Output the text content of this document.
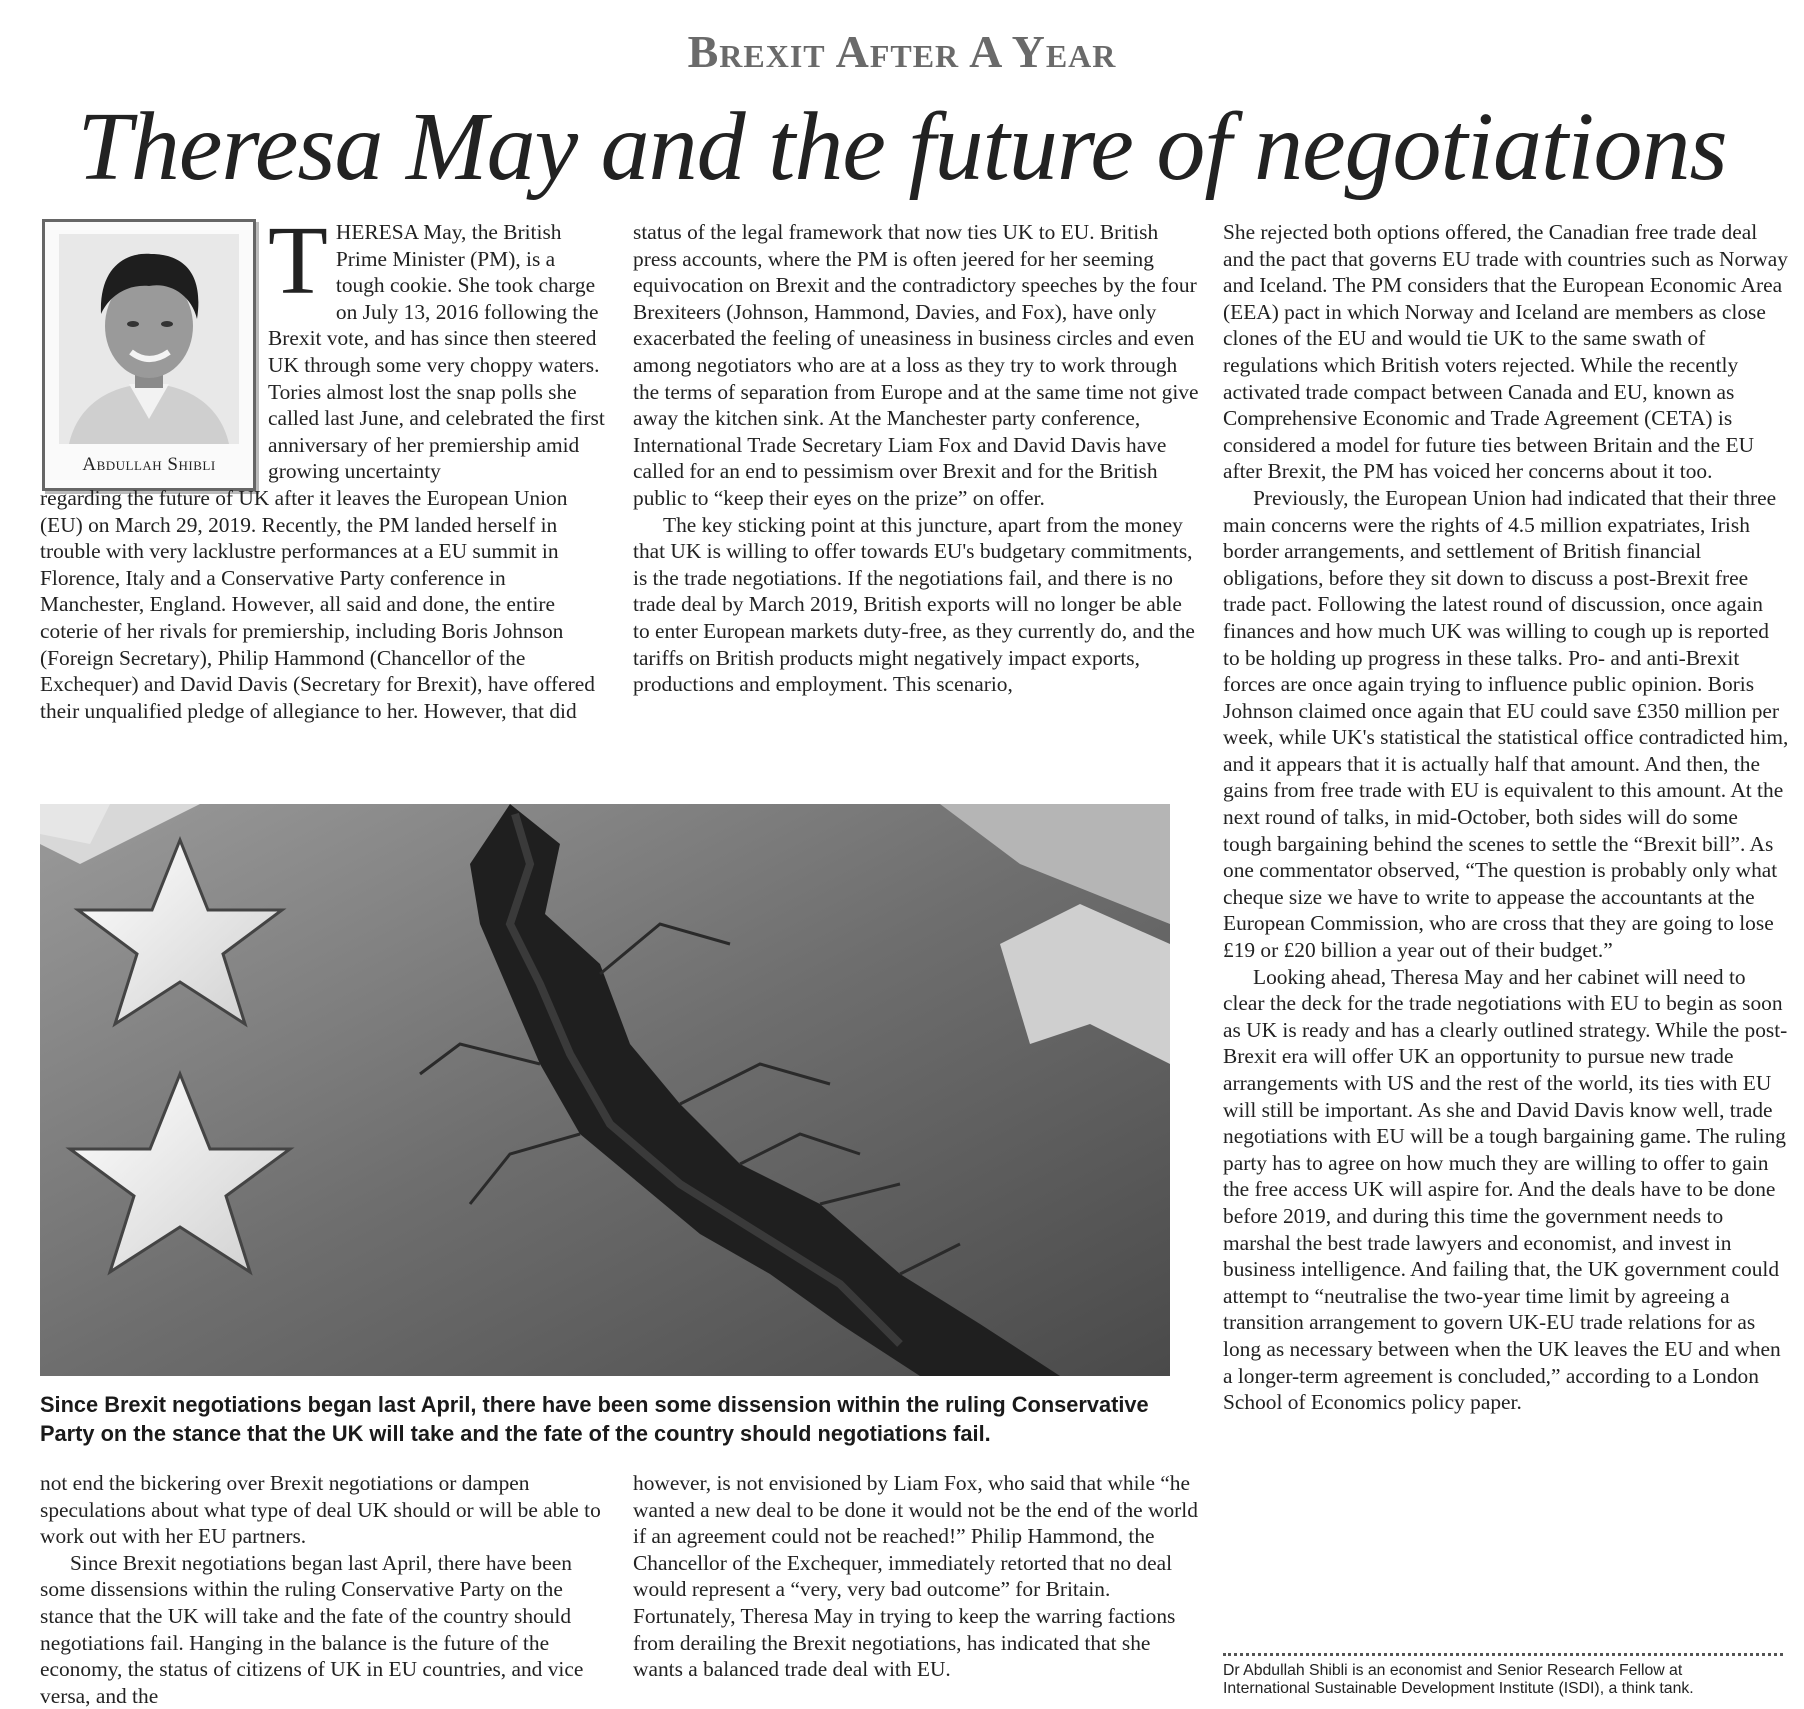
Brexit After A Year
Theresa May and the future of negotiations
Abdullah Shibli
THERESA May, the British Prime Minister (PM), is a tough cookie. She took charge on July 13, 2016 following the Brexit vote, and has since then steered UK through some very choppy waters. Tories almost lost the snap polls she called last June, and celebrated the first anniversary of her premiership amid growing uncertainty

regarding the future of UK after it leaves the European Union (EU) on March 29, 2019. Recently, the PM landed herself in trouble with very lacklustre performances at a EU summit in Florence, Italy and a Conservative Party conference in Manchester, England. However, all said and done, the entire coterie of her rivals for premiership, including Boris Johnson (Foreign Secretary), Philip Hammond (Chancellor of the Exchequer) and David Davis (Secretary for Brexit), have offered their unqualified pledge of allegiance to her. However, that did

status of the legal framework that now ties UK to EU. British press accounts, where the PM is often jeered for her seeming equivocation on Brexit and the contradictory speeches by the four Brexiteers (Johnson, Hammond, Davies, and Fox), have only exacerbated the feeling of uneasiness in business circles and even among negotiators who are at a loss as they try to work through the terms of separation from Europe and at the same time not give away the kitchen sink. At the Manchester party conference, International Trade Secretary Liam Fox and David Davis have called for an end to pessimism over Brexit and for the British public to “keep their eyes on the prize” on offer.

The key sticking point at this juncture, apart from the money that UK is willing to offer towards EU's budgetary commitments, is the trade negotiations. If the negotiations fail, and there is no trade deal by March 2019, British exports will no longer be able to enter European markets duty-free, as they currently do, and the tariffs on British products might negatively impact exports, productions and employment. This scenario,

Since Brexit negotiations began last April, there have been some dissension within the ruling Conservative Party on the stance that the UK will take and the fate of the country should negotiations fail.

not end the bickering over Brexit negotiations or dampen speculations about what type of deal UK should or will be able to work out with her EU partners.

Since Brexit negotiations began last April, there have been some dissensions within the ruling Conservative Party on the stance that the UK will take and the fate of the country should negotiations fail. Hanging in the balance is the future of the economy, the status of citizens of UK in EU countries, and vice versa, and the

however, is not envisioned by Liam Fox, who said that while “he wanted a new deal to be done it would not be the end of the world if an agreement could not be reached!” Philip Hammond, the Chancellor of the Exchequer, immediately retorted that no deal would represent a “very, very bad outcome” for Britain. Fortunately, Theresa May in trying to keep the warring factions from derailing the Brexit negotiations, has indicated that she wants a balanced trade deal with EU.

She rejected both options offered, the Canadian free trade deal and the pact that governs EU trade with countries such as Norway and Iceland. The PM considers that the European Economic Area (EEA) pact in which Norway and Iceland are members as close clones of the EU and would tie UK to the same swath of regulations which British voters rejected. While the recently activated trade compact between Canada and EU, known as Comprehensive Economic and Trade Agreement (CETA) is considered a model for future ties between Britain and the EU after Brexit, the PM has voiced her concerns about it too.

Previously, the European Union had indicated that their three main concerns were the rights of 4.5 million expatriates, Irish border arrangements, and settlement of British financial obligations, before they sit down to discuss a post-Brexit free trade pact. Following the latest round of discussion, once again finances and how much UK was willing to cough up is reported to be holding up progress in these talks. Pro- and anti-Brexit forces are once again trying to influence public opinion. Boris Johnson claimed once again that EU could save £350 million per week, while UK's statistical the statistical office contradicted him, and it appears that it is actually half that amount. And then, the gains from free trade with EU is equivalent to this amount. At the next round of talks, in mid-October, both sides will do some tough bargaining behind the scenes to settle the “Brexit bill”. As one commentator observed, “The question is probably only what cheque size we have to write to appease the accountants at the European Commission, who are cross that they are going to lose £19 or £20 billion a year out of their budget.”

Looking ahead, Theresa May and her cabinet will need to clear the deck for the trade negotiations with EU to begin as soon as UK is ready and has a clearly outlined strategy. While the post-Brexit era will offer UK an opportunity to pursue new trade arrangements with US and the rest of the world, its ties with EU will still be important. As she and David Davis know well, trade negotiations with EU will be a tough bargaining game. The ruling party has to agree on how much they are willing to offer to gain the free access UK will aspire for. And the deals have to be done before 2019, and during this time the government needs to marshal the best trade lawyers and economist, and invest in business intelligence. And failing that, the UK government could attempt to “neutralise the two-year time limit by agreeing a transition arrangement to govern UK-EU trade relations for as long as necessary between when the UK leaves the EU and when a longer-term agreement is concluded,” according to a London School of Economics policy paper.

Dr Abdullah Shibli is an economist and Senior Research Fellow at
International Sustainable Development Institute (ISDI), a think tank.
